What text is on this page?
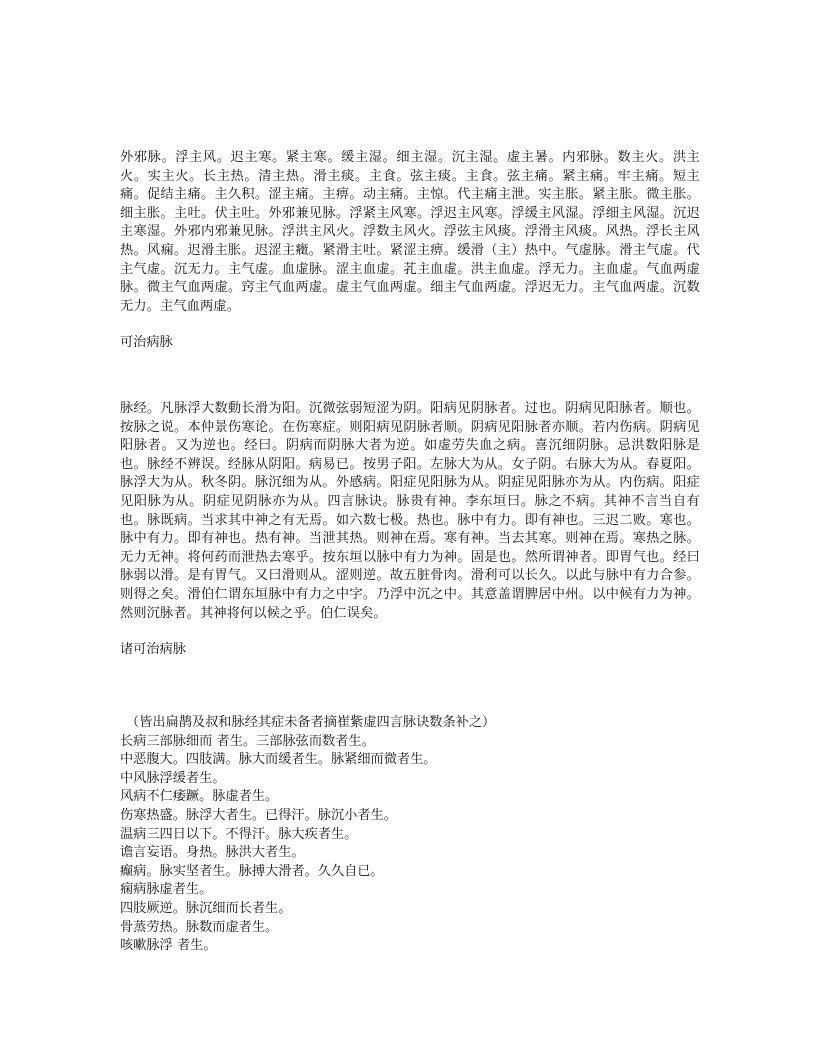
外邪脉。浮主风。迟主寒。紧主寒。缓主湿。细主湿。沉主湿。虚主暑。内邪脉。数主火。洪主火。实主火。长主热。清主热。滑主痰。主食。弦主痰。主食。弦主痛。紧主痛。牢主痛。短主痛。促结主痛。主久积。涩主痛。主痹。动主痛。主惊。代主痛主泄。实主胀。紧主胀。微主胀。细主胀。主吐。伏主吐。外邪兼见脉。浮紧主风寒。浮迟主风寒。浮缓主风湿。浮细主风湿。沉迟主寒湿。外邪内邪兼见脉。浮洪主风火。浮数主风火。浮弦主风痰。浮滑主风痰。风热。浮长主风热。风痫。迟滑主胀。迟涩主癥。紧滑主吐。紧涩主痹。缓滑（主）热中。气虚脉。滑主气虚。代主气虚。沉无力。主气虚。血虚脉。涩主血虚。芤主血虚。洪主血虚。浮无力。主血虚。气血两虚脉。微主气血两虚。窍主气血两虚。虚主气血两虚。细主气血两虚。浮迟无力。主气血两虚。沉数无力。主气血两虚。

可治病脉

脉经。凡脉浮大数動长滑为阳。沉微弦弱短涩为阴。阳病见阴脉者。过也。阴病见阳脉者。顺也。按脉之说。本仲景伤寒论。在伤寒症。则阳病见阴脉者顺。阴病见阳脉者亦顺。若内伤病。阴病见阳脉者。又为逆也。经曰。阴病而阴脉大者为逆。如虚劳失血之病。喜沉细阴脉。忌洪数阳脉是也。脉经不辨误。经脉从阴阳。病易已。按男子阳。左脉大为从。女子阴。右脉大为从。春夏阳。脉浮大为从。秋冬阴。脉沉细为从。外感病。阳症见阳脉为从。阴症见阳脉亦为从。内伤病。阳症见阳脉为从。阴症见阴脉亦为从。四言脉诀。脉贵有神。李东垣曰。脉之不病。其神不言当自有也。脉既病。当求其中神之有无焉。如六数七极。热也。脉中有力。即有神也。三迟二败。寒也。脉中有力。即有神也。热有神。当泄其热。则神在焉。寒有神。当去其寒。则神在焉。寒热之脉。无力无神。将何药而泄热去寒乎。按东垣以脉中有力为神。固是也。然所谓神者。即胃气也。经曰脉弱以滑。是有胃气。又曰滑则从。涩则逆。故五脏骨肉。滑利可以长久。以此与脉中有力合参。则得之矣。滑伯仁谓东垣脉中有力之中字。乃浮中沉之中。其意盖谓脾居中州。以中候有力为神。然则沉脉者。其神将何以候之乎。伯仁误矣。

诸可治病脉

（皆出扁鹊及叔和脉经其症未备者摘崔紫虚四言脉诀数条补之）
长病三部脉细而 者生。三部脉弦而数者生。
中恶腹大。四肢满。脉大而缓者生。脉紧细而微者生。
中风脉浮缓者生。
风病不仁痿蹶。脉虚者生。
伤寒热盛。脉浮大者生。已得汗。脉沉小者生。
温病三四日以下。不得汗。脉大疾者生。
谵言妄语。身热。脉洪大者生。
癫病。脉实坚者生。脉搏大滑者。久久自已。
痫病脉虚者生。
四肢厥逆。脉沉细而长者生。
骨蒸劳热。脉数而虚者生。
咳嗽脉浮 者生。
